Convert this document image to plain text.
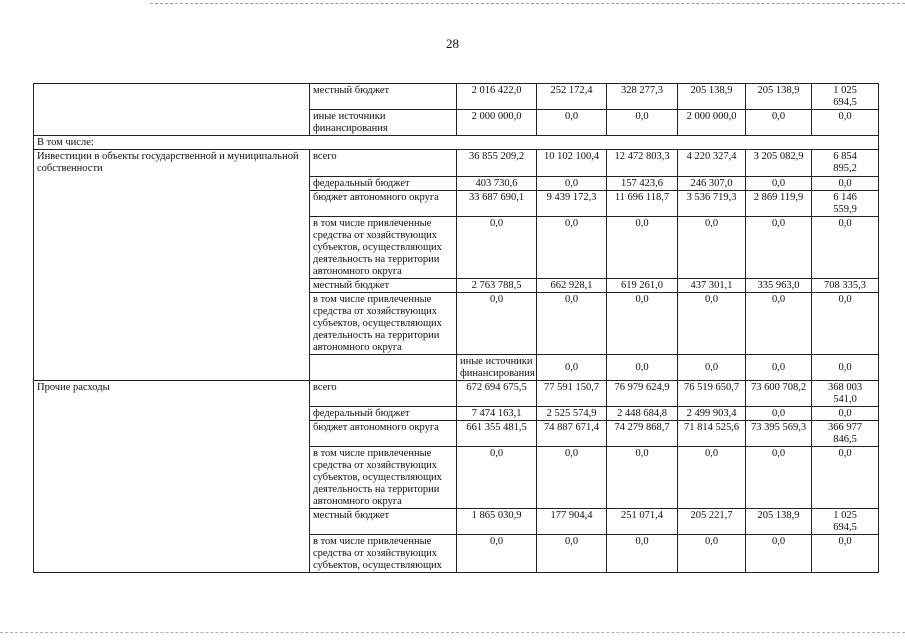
28
	местный бюджет	2 016 422,0	252 172,4	328 277,3	205 138,9	205 138,9	1 025
694,5	
	иные источники финансирования	2 000 000,0	0,0	0,0	2 000 000,0	0,0	0,0	
В том числе:								
Инвестиции в объекты государственной и муниципальной собственности	всего	36 855 209,2	10 102 100,4	12 472 803,3	4 220 327,4	3 205 082,9	6 854
895,2	
	федеральный бюджет	403 730,6	0,0	157 423,6	246 307,0	0,0	0,0	
	бюджет автономного округа	33 687 690,1	9 439 172,3	11 696 118,7	3 536 719,3	2 869 119,9	6 146
559,9	
	в том числе привлеченные средства от хозяйствующих субъектов, осуществляющих деятельность на территории автономного округа	0,0	0,0	0,0	0,0	0,0	0,0	
	местный бюджет	2 763 788,5	662 928,1	619 261,0	437 301,1	335 963,0	708 335,3	
	в том числе привлеченные средства от хозяйствующих субъектов, осуществляющих деятельность на территории автономного округа	0,0	0,0	0,0	0,0	0,0	0,0	
		иные источники финансирования	0,0	0,0	0,0	0,0	0,0	
Прочие расходы	всего	672 694 675,5	77 591 150,7	76 979 624,9	76 519 650,7	73 600 708,2	368 003
541,0	
	федеральный бюджет	7 474 163,1	2 525 574,9	2 448 684,8	2 499 903,4	0,0	0,0	
	бюджет автономного округа	661 355 481,5	74 887 671,4	74 279 868,7	71 814 525,6	73 395 569,3	366 977
846,5	
	в том числе привлеченные средства от хозяйствующих субъектов, осуществляющих деятельность на территории автономного округа	0,0	0,0	0,0	0,0	0,0	0,0	
	местный бюджет	1 865 030,9	177 904,4	251 071,4	205 221,7	205 138,9	1 025
694,5	
	в том числе привлеченные средства от хозяйствующих субъектов, осуществляющих	0,0	0,0	0,0	0,0	0,0	0,0	
